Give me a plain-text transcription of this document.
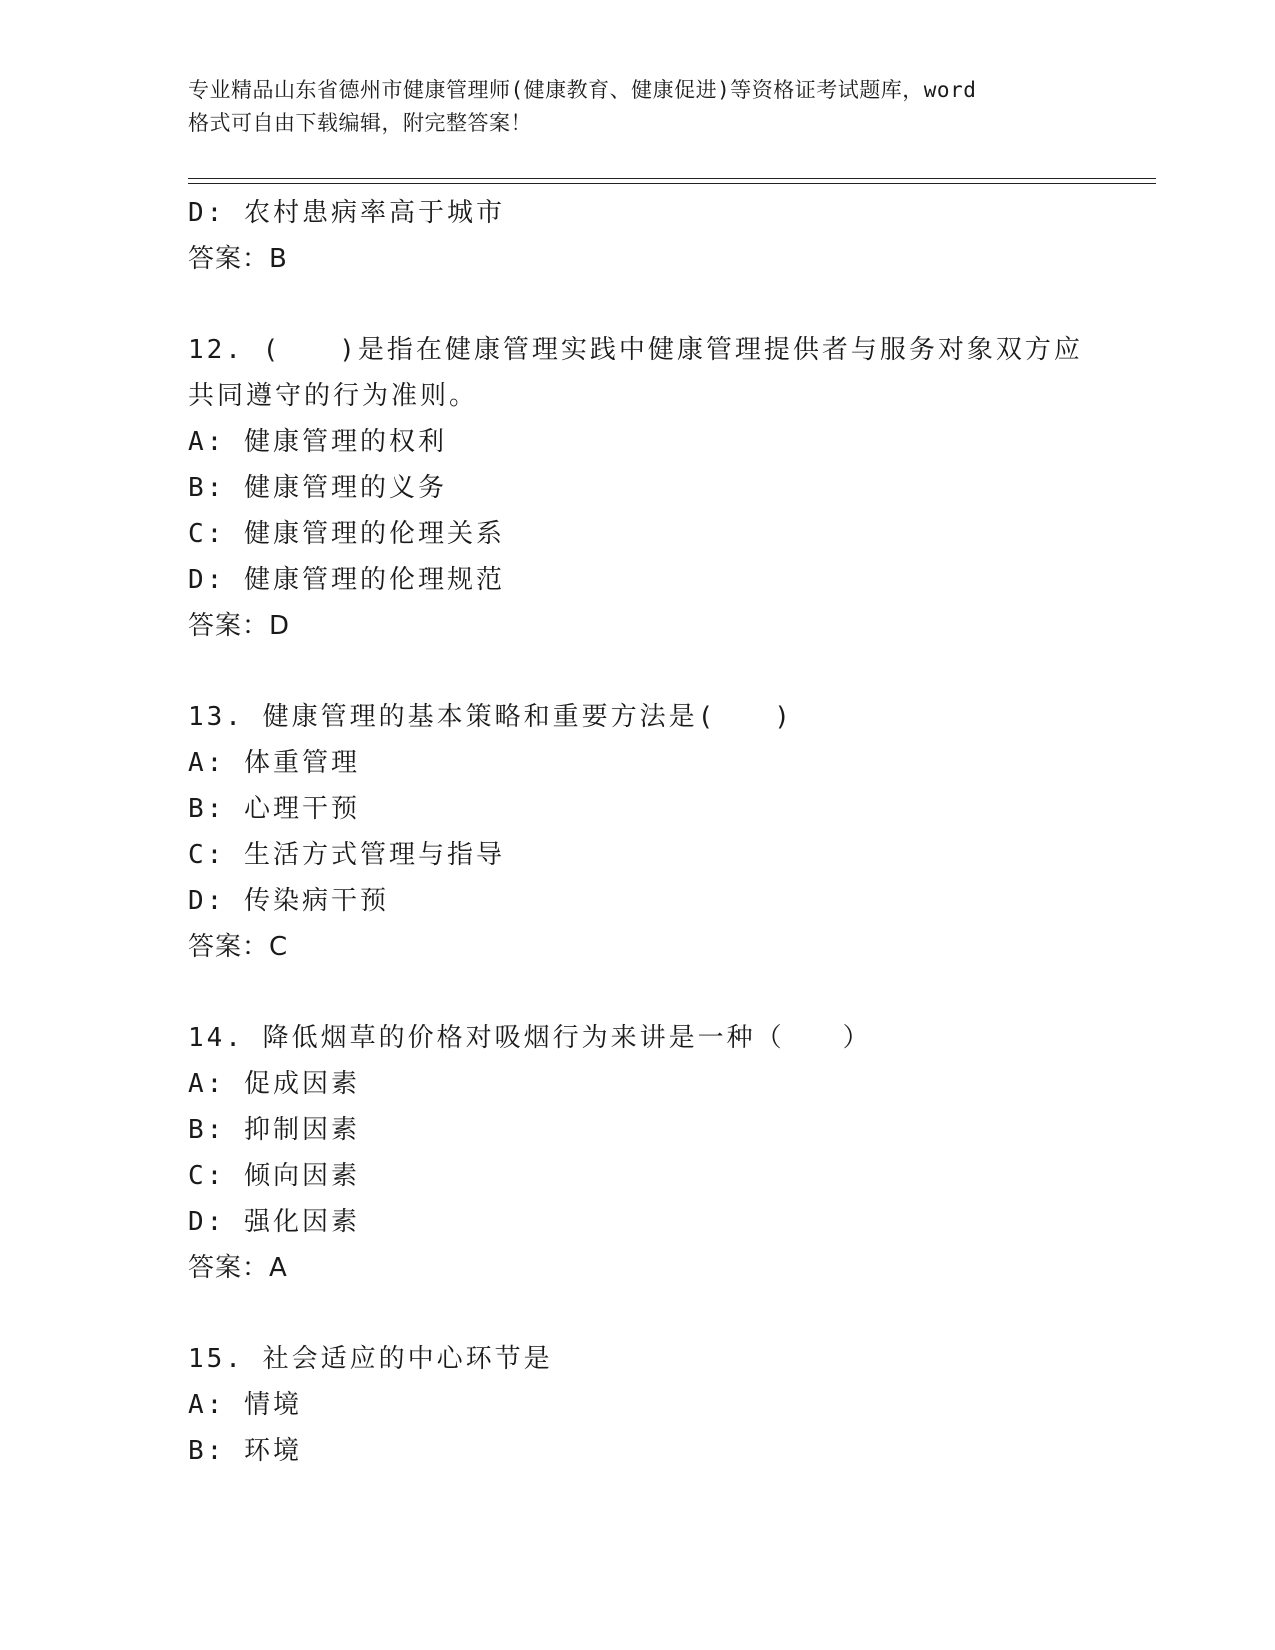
专业精品山东省德州市健康管理师(健康教育、健康促进)等资格证考试题库，word
格式可自由下载编辑，附完整答案！
D: 农村患病率高于城市
答案：B
12. (　　)是指在健康管理实践中健康管理提供者与服务对象双方应
共同遵守的行为准则。
A: 健康管理的权利
B: 健康管理的义务
C: 健康管理的伦理关系
D: 健康管理的伦理规范
答案：D
13. 健康管理的基本策略和重要方法是(　　)
A: 体重管理
B: 心理干预
C: 生活方式管理与指导
D: 传染病干预
答案：C
14. 降低烟草的价格对吸烟行为来讲是一种（　　）
A: 促成因素
B: 抑制因素
C: 倾向因素
D: 强化因素
答案：A
15. 社会适应的中心环节是
A: 情境
B: 环境
